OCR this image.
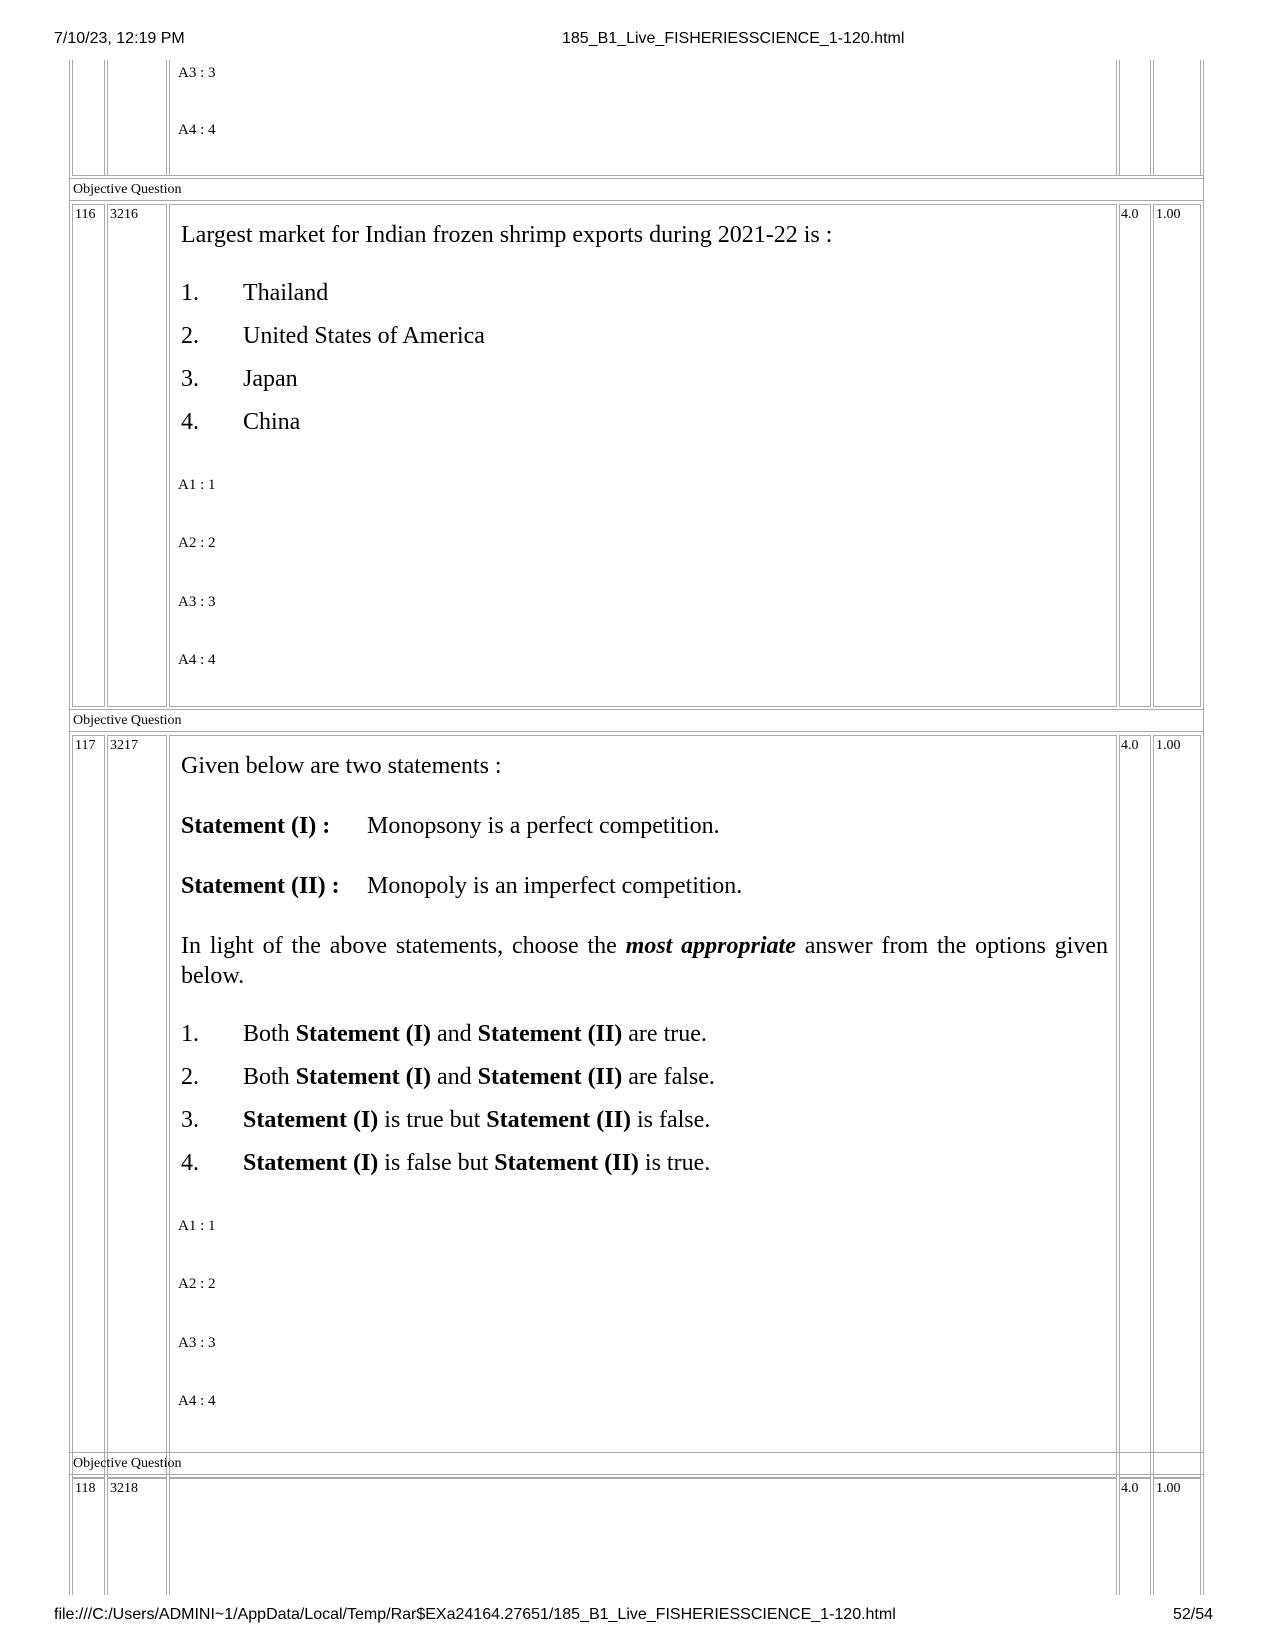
7/10/23, 12:19 PM	185_B1_Live_FISHERIESSCIENCE_1-120.html
file:///C:/Users/ADMINI~1/AppData/Local/Temp/Rar$EXa24164.27651/185_B1_Live_FISHERIESSCIENCE_1-120.html	52/54
A3 : 3
A4 : 4
Objective Question
116 3216	4.0 1.00
Largest market for Indian frozen shrimp exports during 2021-22 is :
1. Thailand
2. United States of America
3. Japan
4. China
A1 : 1
A2 : 2
A3 : 3
A4 : 4
Objective Question
117 3217	4.0 1.00
Given below are two statements :
Statement (I) : Monopsony is a perfect competition.
Statement (II) : Monopoly is an imperfect competition.
In light of the above statements, choose the most appropriate answer from the options given below.
1. Both Statement (I) and Statement (II) are true.
2. Both Statement (I) and Statement (II) are false.
3. Statement (I) is true but Statement (II) is false.
4. Statement (I) is false but Statement (II) is true.
A1 : 1
A2 : 2
A3 : 3
A4 : 4
Objective Question
118 3218	4.0 1.00
